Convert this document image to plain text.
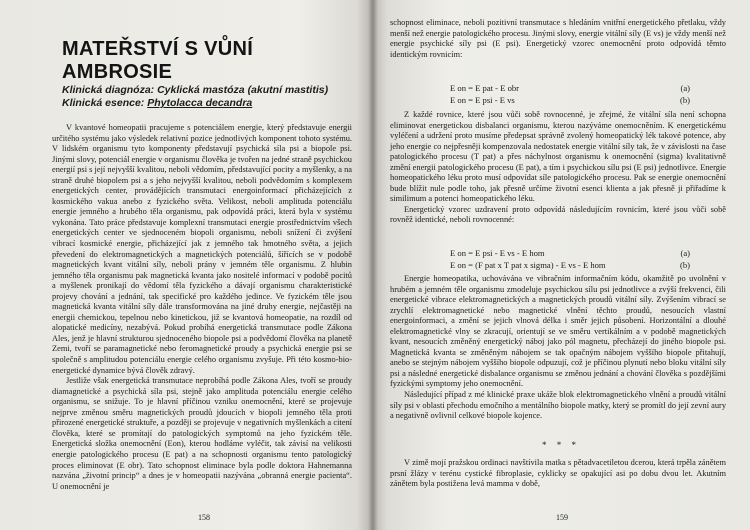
MATEŘSTVÍ S VŮNÍ AMBROSIE
Klinická diagnóza: Cyklická mastóza (akutní mastitis)
Klinická esence: Phytolacca decandra

V kvantové homeopatii pracujeme s potenciálem energie, který představuje energii určitého systému jako výsledek relativní pozice jednotlivých komponent tohoto systému. V lidském organismu tyto komponenty představují psychická síla psi a biopole psi. Jinými slovy, potenciál energie v organismu člověka je tvořen na jedné straně psychickou energií psi s její nejvyšší kvalitou, neboli vědomím, představující pocity a myšlenky, a na straně druhé biopolem psi a s jeho nejvyšší kvalitou, neboli podvědomím s komplexem energetických center, provádějících transmutaci energoinformací přicházejících z kosmického vakua anebo z fyzického světa. Velikost, neboli amplituda potenciálu energie jemného a hrubého těla organismu, pak odpovídá práci, která byla v systému vykonána. Tato práce představuje komplexní transmutaci energie prostřednictvím všech energetických center ve sjednoceném biopoli organismu, neboli snížení či zvýšení vibrací kosmické energie, přicházející jak z jemného tak hmotného světa, a jejich převedení do elektromagnetických a magnetických potenciálů, šířících se v podobě magnetických kvant vitální síly, neboli prány v jemném těle organismu. Z hlubin jemného těla organismu pak magnetická kvanta jako nositelé informací v podobě pocitů a myšlenek pronikají do vědomí těla fyzického a dávají organismu charakteristické projevy chování a jednání, tak specifické pro každého jedince. Ve fyzickém těle jsou magnetická kvanta vitální síly dále transformována na jiné druhy energie, nejčastěji na energii chemickou, tepelnou nebo kinetickou, již se kvantová homeopatie, na rozdíl od alopatické medicíny, nezabývá. Pokud probíhá energetická transmutace podle Zákona Ales, jenž je hlavní strukturou sjednoceného biopole psi a podvědomí člověka na planetě Zemi, tvoří se paramagnetické nebo feromagnetické proudy a psychická energie psi se společně s amplitudou potenciálu energie celého organismu zvyšuje. Při této kosmo-bio-energetické dynamice bývá člověk zdravý.

Jestliže však energetická transmutace neprobíhá podle Zákona Ales, tvoří se proudy diamagnetické a psychická síla psi, stejně jako amplituda potenciálu energie celého organismu, se snižuje. To je hlavní příčinou vzniku onemocnění, které se projevuje nejprve změnou směru magnetických proudů jdoucích v biopoli jemného těla proti přirozené energetické struktuře, a později se projevuje v negativních myšlenkách a citení člověka, které se promítají do patologických symptomů na jeho fyzickém těle. Energetická složka onemocnění (Eon), kterou hodláme vyléčit, tak závisí na velikosti energie patologického procesu (E pat) a na schopnosti organismu tento patologický proces eliminovat (E obr). Tato schopnost eliminace byla podle doktora Hahnemanna nazvána „životní princip“ a dnes je v homeopatii nazývána „obranná energie pacienta“. U onemocnění je

158

schopnost eliminace, neboli pozitivní transmutace s hledáním vnitřní energetického přetlaku, vždy menší než energie patologického procesu. Jinými slovy, energie vitální síly (E vs) je vždy menší než energie psychické síly psi (E psi). Energetický vzorec onemocnění proto odpovídá těmto identickým rovnicím:

E on = E pat - E obr	(a)
E on = E psi - E vs	(b)

Z každé rovnice, které jsou vůči sobě rovnocenné, je zřejmé, že vitální síla není schopna eliminovat energetickou disbalanci organismu, kterou nazýváme onemocněním. K energetickému vyléčení a udržení proto musíme předepsat správně zvolený homeopatický lék takové potence, aby jeho energie co nejpřesněji kompenzovala nedostatek energie vitální síly tak, že v závislosti na čase patologického procesu (T pat) a přes náchylnost organismu k onemocnění (sigma) kvalitativně změní energii patologického procesu (E pat), a tím i psychickou sílu psi (E psi) jednotlivce. Energie homeopatického léku proto musí odpovídat síle patologického procesu. Pak se energie onemocnění bude blížit nule podle toho, jak přesně určíme životní esenci klienta a jak přesně ji přiřadíme k similimum a potenci homeopatického léku.

Energetický vzorec uzdravení proto odpovídá následujícím rovnicím, které jsou vůči sobě rovněž identické, neboli rovnocenné:

E on = E psi - E vs - E hom	(a)
E on = (F pat x T pat x sigma) - E vs - E hom	(b)

Energie homeopatika, uchovávána ve vibračním informačním kódu, okamžitě po uvolnění v hrubém a jemném těle organismu zmodeluje psychickou sílu psi jednotlivce a zvýší frekvenci, čili energetické vibrace elektromagnetických a magnetických proudů vitální síly. Zvýšením vibrací se zrychlí elektromagnetické nebo magnetické vlnění těchto proudů, nesoucích vlastní energoinformaci, a změní se jejich vlnová délka i směr jejich působení. Horizontální a dlouhé elektromagnetické vlny se zkracují, orientují se ve směru vertikálním a v podobě magnetických kvant, nesoucích změněný energetický náboj jako pól magnetu, přecházejí do jiného biopole psi. Magnetická kvanta se změněným nábojem se tak opačným nábojem vyššího biopole přitahují, anebo se stejným nábojem vyššího biopole odpuzují, což je příčinou plynutí nebo bloku vitální síly psi a následné energetické disbalance organismu se změnou jednání a chování člověka s pozdějšími fyzickými symptomy jeho onemocnění.

Následující případ z mé klinické praxe ukáže blok elektromagnetického vlnění a proudů vitální síly psi v oblasti přechodu emočního a mentálního biopole matky, který se promítl do její zevní aury a negativně ovlivnil celkové biopole kojence.

* * *

V zimě mojí pražskou ordinaci navštívila matka s pětadvacetiletou dcerou, která trpěla zánětem prsní žlázy v terénu cystické fibroplasie, cyklicky se opakující asi po dobu dvou let. Akutním zánětem byla postižena levá mamma v době,

159
